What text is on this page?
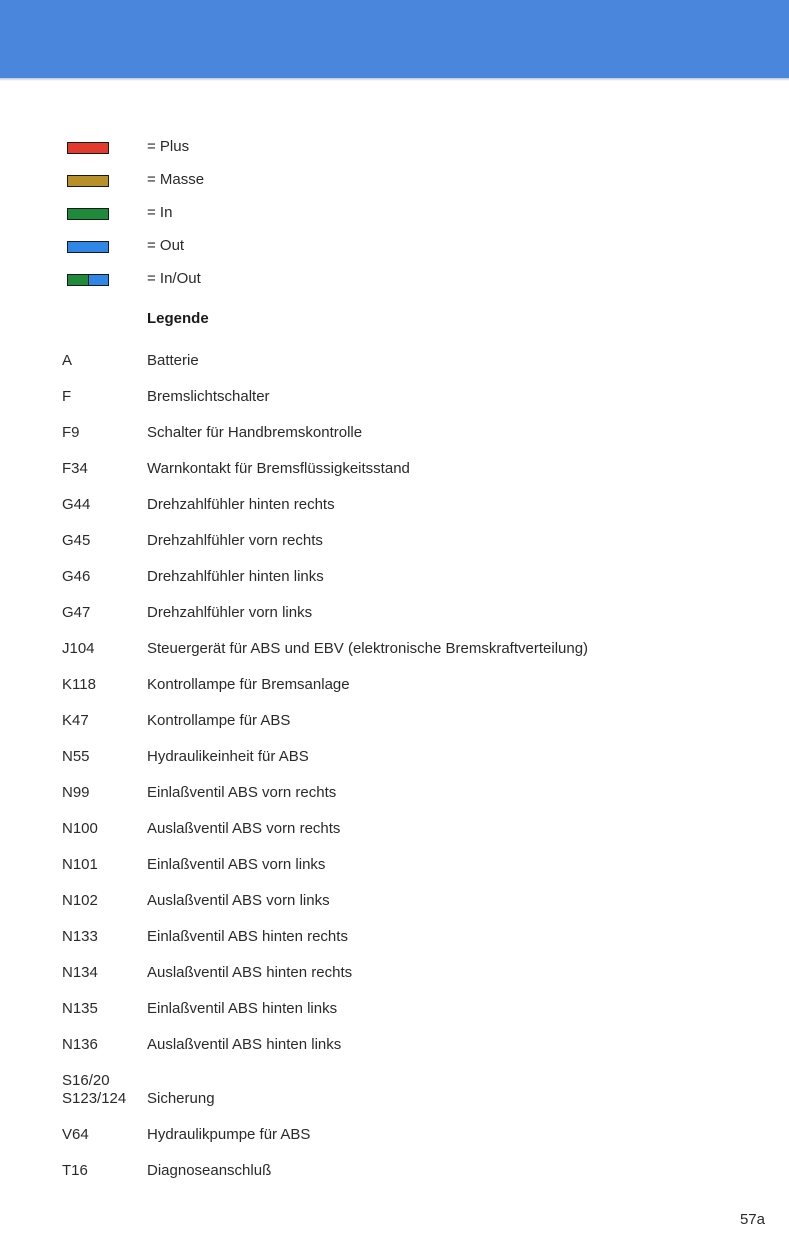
= Plus
= Masse
= In
= Out
= In/Out
Legende
A	Batterie
F	Bremslichtschalter
F9	Schalter für Handbremskontrolle
F34	Warnkontakt für Bremsflüssigkeitsstand
G44	Drehzahlfühler hinten rechts
G45	Drehzahlfühler vorn rechts
G46	Drehzahlfühler hinten links
G47	Drehzahlfühler vorn links
J104	Steuergerät für ABS und EBV (elektronische Bremskraftverteilung)
K118	Kontrollampe für Bremsanlage
K47	Kontrollampe für ABS
N55	Hydraulikeinheit für ABS
N99	Einlaßventil ABS vorn rechts
N100	Auslaßventil ABS vorn rechts
N101	Einlaßventil ABS vorn links
N102	Auslaßventil ABS vorn links
N133	Einlaßventil ABS hinten rechts
N134	Auslaßventil ABS hinten rechts
N135	Einlaßventil ABS hinten links
N136	Auslaßventil ABS hinten links
S16/20
S123/124 Sicherung
V64	Hydraulikpumpe für ABS
T16	Diagnoseanschluß
57a
